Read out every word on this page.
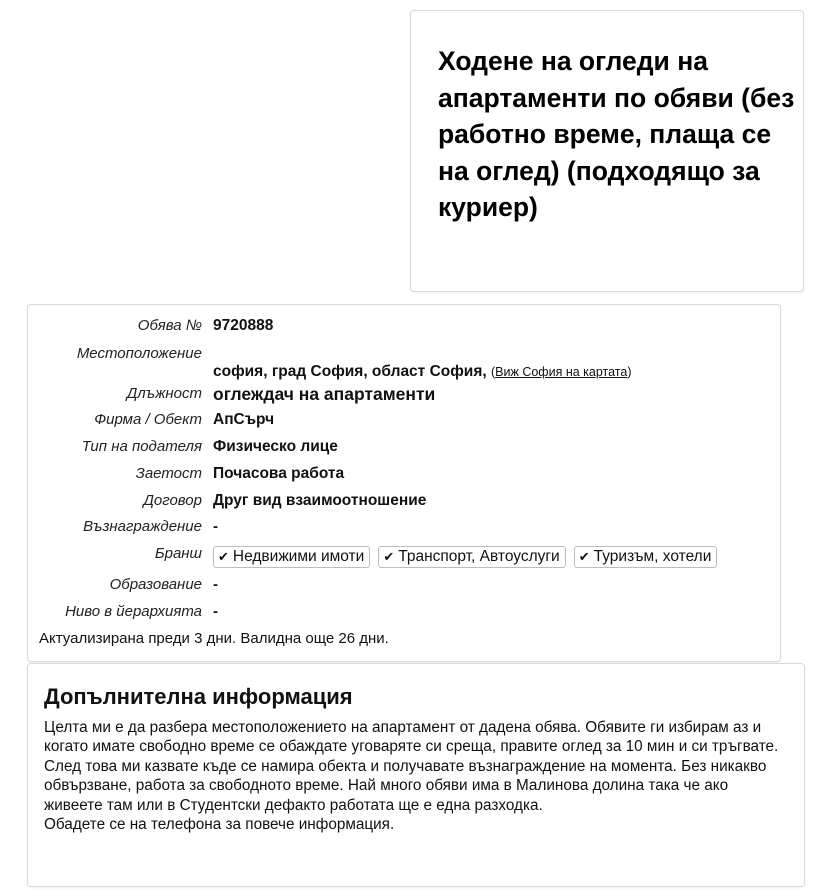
Ходене на огледи на апартаменти по обяви (без работно време, плаща се на оглед) (подходящо за куриер)
Обява № 9720888
Местоположение
софия, град София, област София, (Виж София на картата)
Длъжност оглеждач на апартаменти
Фирма / Обект АпСърч
Тип на подателя Физическо лице
Заетост Почасова работа
Договор Друг вид взаимоотношение
Възнаграждение -
Бранш ✔ Недвижими имоти ✔ Транспорт, Автоуслуги ✔ Туризъм, хотели
Образование -
Ниво в йерархията -
Актуализирана преди 3 дни. Валидна още 26 дни.
Допълнителна информация

Целта ми е да разбера местоположението на апартамент от дадена обява. Обявите ги избирам аз и когато имате свободно време се обаждате уговаряте си среща, правите оглед за 10 мин и си тръгвате. След това ми казвате къде се намира обекта и получавате възнаграждение на момента. Без никакво обвързване, работа за свободното време. Най много обяви има в Малинова долина така че ако живеете там или в Студентски дефакто работата ще е една разходка.

Обадете се на телефона за повече информация.
